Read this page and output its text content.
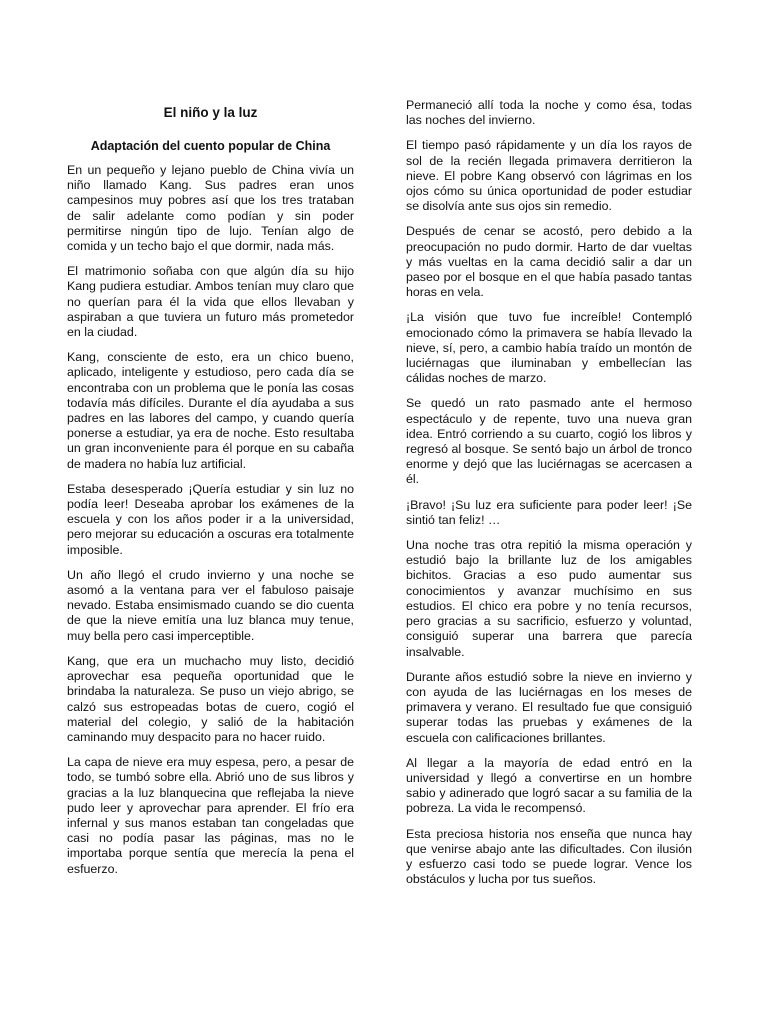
El niño y la luz
Adaptación del cuento popular de China

En un pequeño y lejano pueblo de China vivía un niño llamado Kang. Sus padres eran unos campesinos muy pobres así que los tres trataban de salir adelante como podían y sin poder permitirse ningún tipo de lujo. Tenían algo de comida y un techo bajo el que dormir, nada más.

El matrimonio soñaba con que algún día su hijo Kang pudiera estudiar. Ambos tenían muy claro que no querían para él la vida que ellos llevaban y aspiraban a que tuviera un futuro más prometedor en la ciudad.

Kang, consciente de esto, era un chico bueno, aplicado, inteligente y estudioso, pero cada día se encontraba con un problema que le ponía las cosas todavía más difíciles. Durante el día ayudaba a sus padres en las labores del campo, y cuando quería ponerse a estudiar, ya era de noche. Esto resultaba un gran inconveniente para él porque en su cabaña de madera no había luz artificial.

Estaba desesperado ¡Quería estudiar y sin luz no podía leer! Deseaba aprobar los exámenes de la escuela y con los años poder ir a la universidad, pero mejorar su educación a oscuras era totalmente imposible.

Un año llegó el crudo invierno y una noche se asomó a la ventana para ver el fabuloso paisaje nevado. Estaba ensimismado cuando se dio cuenta de que la nieve emitía una luz blanca muy tenue, muy bella pero casi imperceptible.

Kang, que era un muchacho muy listo, decidió aprovechar esa pequeña oportunidad que le brindaba la naturaleza. Se puso un viejo abrigo, se calzó sus estropeadas botas de cuero, cogió el material del colegio, y salió de la habitación caminando muy despacito para no hacer ruido.

La capa de nieve era muy espesa, pero, a pesar de todo, se tumbó sobre ella. Abrió uno de sus libros y gracias a la luz blanquecina que reflejaba la nieve pudo leer y aprovechar para aprender. El frío era infernal y sus manos estaban tan congeladas que casi no podía pasar las páginas, mas no le importaba porque sentía que merecía la pena el esfuerzo.

Permaneció allí toda la noche y como ésa, todas las noches del invierno.

El tiempo pasó rápidamente y un día los rayos de sol de la recién llegada primavera derritieron la nieve. El pobre Kang observó con lágrimas en los ojos cómo su única oportunidad de poder estudiar se disolvía ante sus ojos sin remedio.

Después de cenar se acostó, pero debido a la preocupación no pudo dormir. Harto de dar vueltas y más vueltas en la cama decidió salir a dar un paseo por el bosque en el que había pasado tantas horas en vela.

¡La visión que tuvo fue increíble! Contempló emocionado cómo la primavera se había llevado la nieve, sí, pero, a cambio había traído un montón de luciérnagas que iluminaban y embellecían las cálidas noches de marzo.

Se quedó un rato pasmado ante el hermoso espectáculo y de repente, tuvo una nueva gran idea. Entró corriendo a su cuarto, cogió los libros y regresó al bosque. Se sentó bajo un árbol de tronco enorme y dejó que las luciérnagas se acercasen a él.

¡Bravo! ¡Su luz era suficiente para poder leer! ¡Se sintió tan feliz! …

Una noche tras otra repitió la misma operación y estudió bajo la brillante luz de los amigables bichitos. Gracias a eso pudo aumentar sus conocimientos y avanzar muchísimo en sus estudios. El chico era pobre y no tenía recursos, pero gracias a su sacrificio, esfuerzo y voluntad, consiguió superar una barrera que parecía insalvable.

Durante años estudió sobre la nieve en invierno y con ayuda de las luciérnagas en los meses de primavera y verano. El resultado fue que consiguió superar todas las pruebas y exámenes de la escuela con calificaciones brillantes.

Al llegar a la mayoría de edad entró en la universidad y llegó a convertirse en un hombre sabio y adinerado que logró sacar a su familia de la pobreza. La vida le recompensó.

Esta preciosa historia nos enseña que nunca hay que venirse abajo ante las dificultades. Con ilusión y esfuerzo casi todo se puede lograr. Vence los obstáculos y lucha por tus sueños.
